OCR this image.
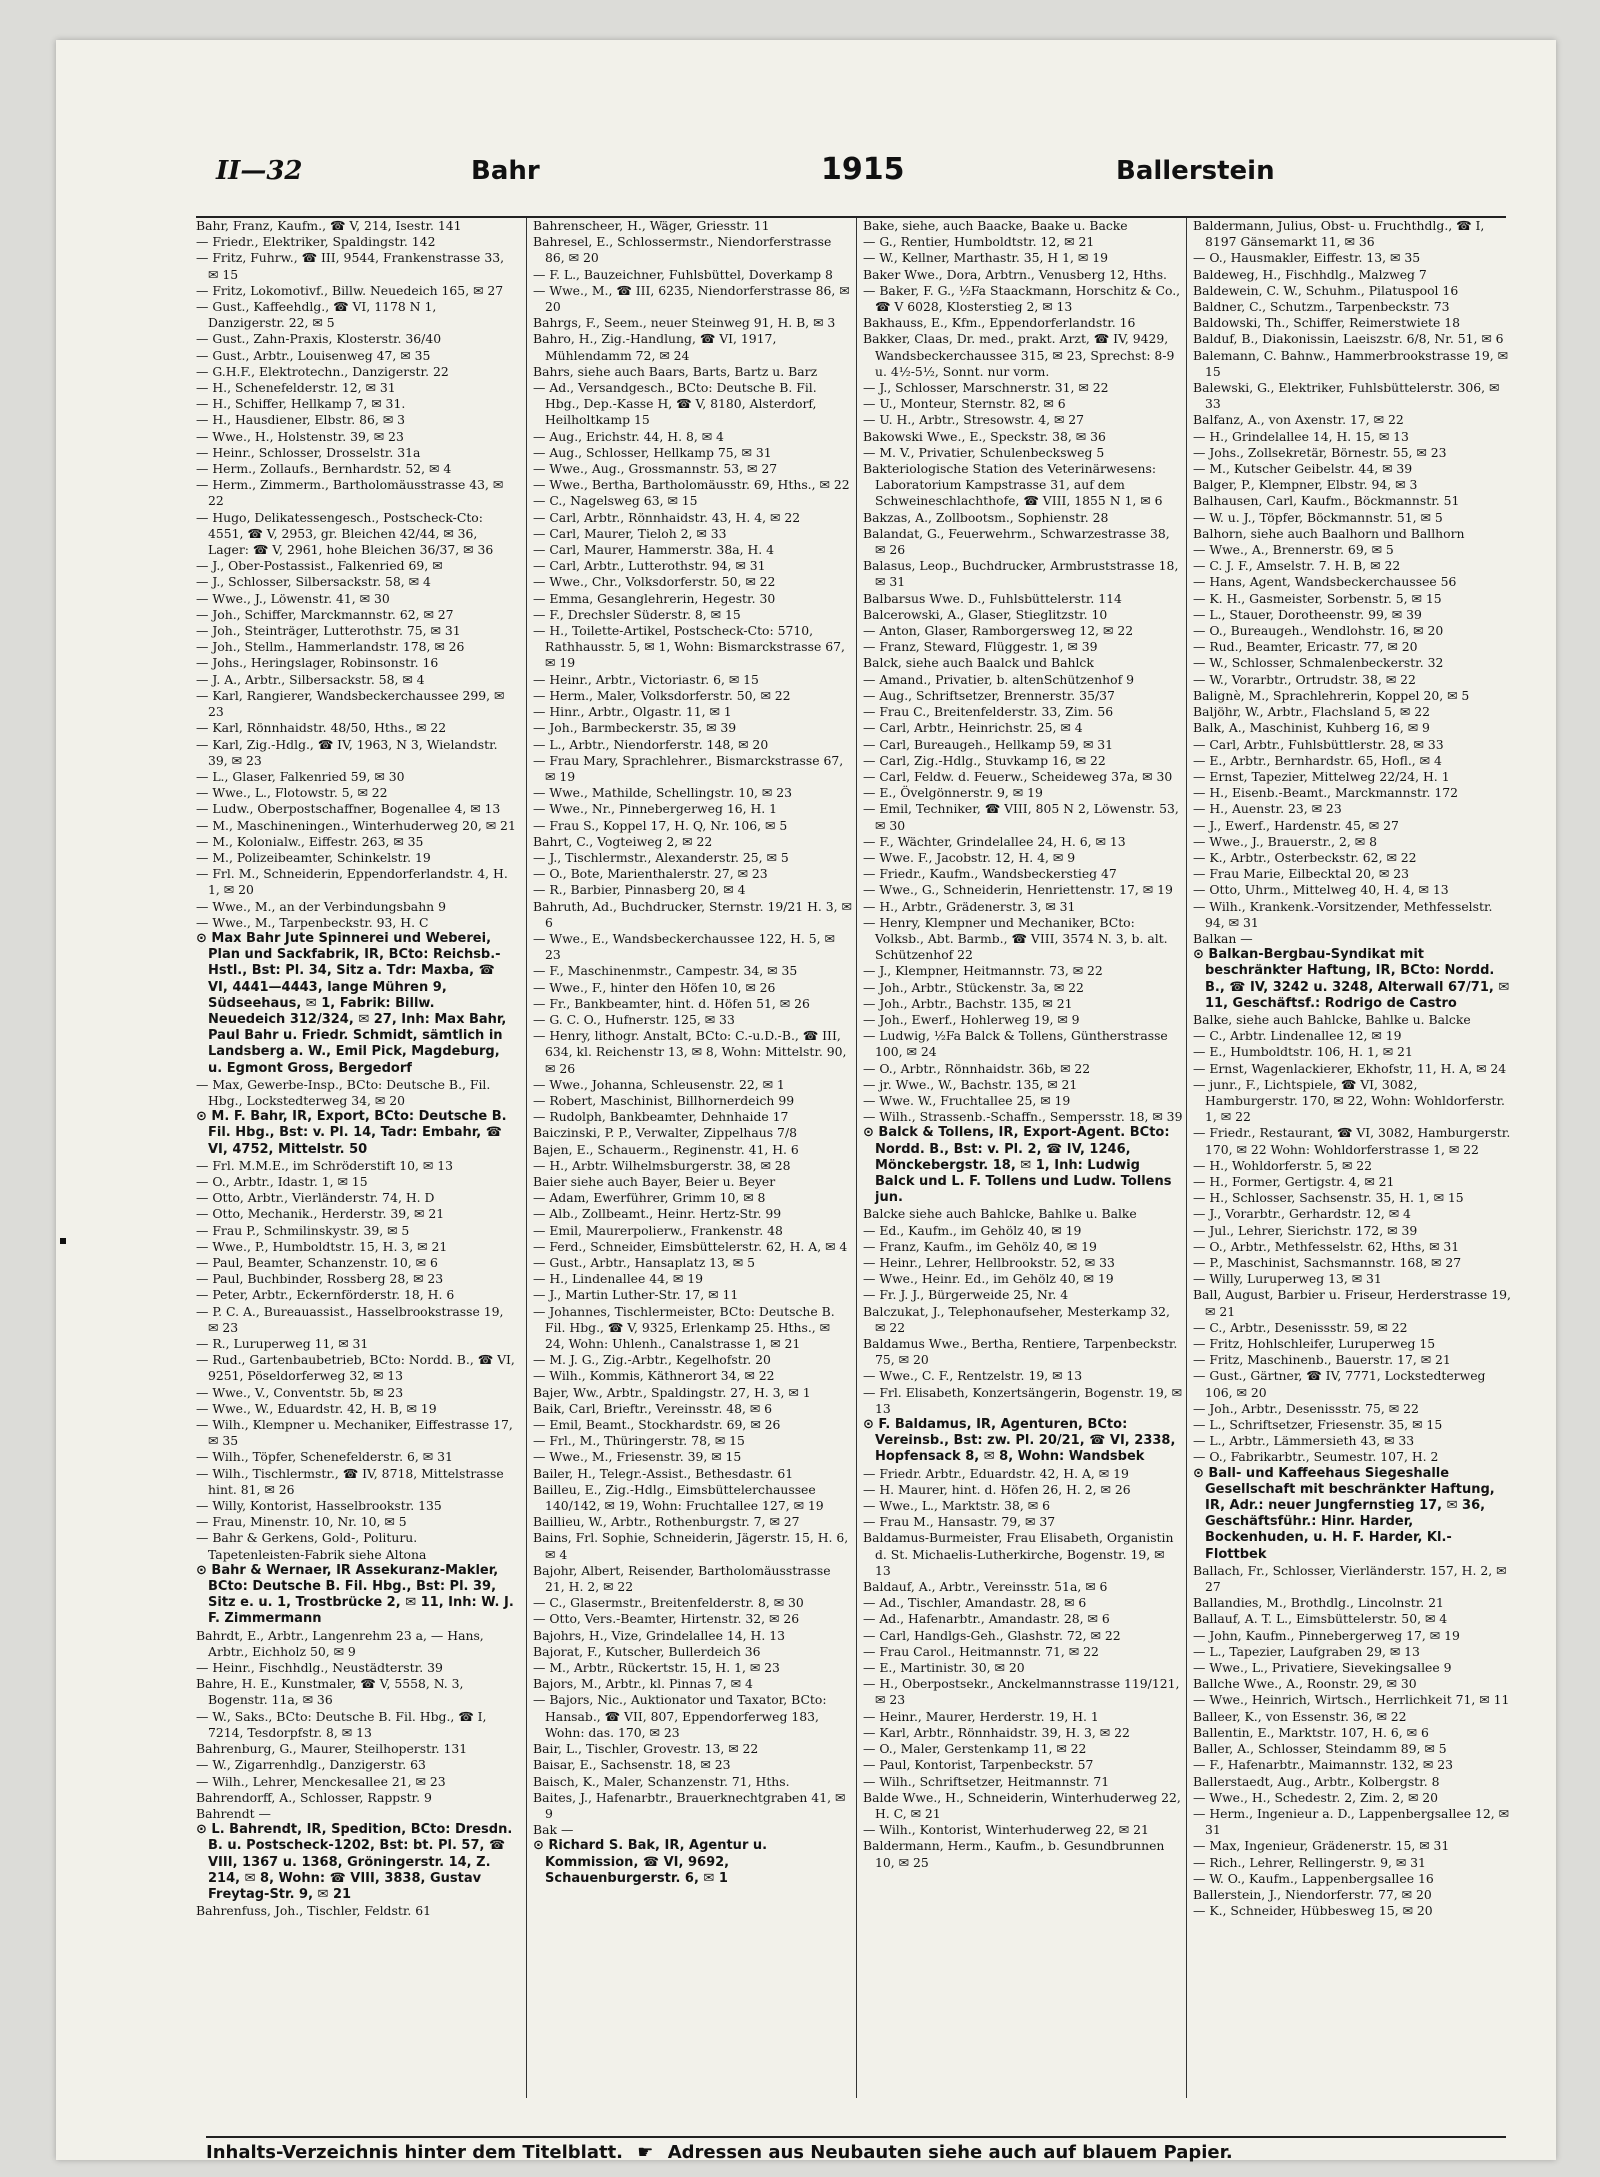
II—32	Bahr	1915	Ballerstein

Bahr, Franz, Kaufm., ☎ V, 214, Isestr. 141

— Friedr., Elektriker, Spaldingstr. 142

— Fritz, Fuhrw., ☎ III, 9544, Frankenstrasse 33, ✉ 15

— Fritz, Lokomotivf., Billw. Neuedeich 165, ✉ 27

— Gust., Kaffeehdlg., ☎ VI, 1178 N 1, Danzigerstr. 22, ✉ 5

— Gust., Zahn-Praxis, Klosterstr. 36/40

— Gust., Arbtr., Louisenweg 47, ✉ 35

— G.H.F., Elektrotechn., Danzigerstr. 22

— H., Schenefelderstr. 12, ✉ 31

— H., Schiffer, Hellkamp 7, ✉ 31.

— H., Hausdiener, Elbstr. 86, ✉ 3

— Wwe., H., Holstenstr. 39, ✉ 23

— Heinr., Schlosser, Drosselstr. 31a

— Herm., Zollaufs., Bernhardstr. 52, ✉ 4

— Herm., Zimmerm., Bartholomäusstrasse 43, ✉ 22

— Hugo, Delikatessengesch., Postscheck-Cto: 4551, ☎ V, 2953, gr. Bleichen 42/44, ✉ 36, Lager: ☎ V, 2961, hohe Bleichen 36/37, ✉ 36

— J., Ober-Postassist., Falkenried 69, ✉

— J., Schlosser, Silbersackstr. 58, ✉ 4

— Wwe., J., Löwenstr. 41, ✉ 30

— Joh., Schiffer, Marckmannstr. 62, ✉ 27

— Joh., Steinträger, Lutterothstr. 75, ✉ 31

— Joh., Stellm., Hammerlandstr. 178, ✉ 26

— Johs., Heringslager, Robinsonstr. 16

— J. A., Arbtr., Silbersackstr. 58, ✉ 4

— Karl, Rangierer, Wandsbeckerchaussee 299, ✉ 23

— Karl, Rönnhaidstr. 48/50, Hths., ✉ 22

— Karl, Zig.-Hdlg., ☎ IV, 1963, N 3, Wielandstr. 39, ✉ 23

— L., Glaser, Falkenried 59, ✉ 30

— Wwe., L., Flotowstr. 5, ✉ 22

— Ludw., Oberpostschaffner, Bogenallee 4, ✉ 13

— M., Maschineningen., Winterhuderweg 20, ✉ 21

— M., Kolonialw., Eiffestr. 263, ✉ 35

— M., Polizeibeamter, Schinkelstr. 19

— Frl. M., Schneiderin, Eppendorferlandstr. 4, H. 1, ✉ 20

— Wwe., M., an der Verbindungsbahn 9

— Wwe., M., Tarpenbeckstr. 93, H. C

⊙ Max Bahr Jute Spinnerei und Weberei, Plan und Sackfabrik, IR, BCto: Reichsb.-Hstl., Bst: Pl. 34, Sitz a. Tdr: Maxba, ☎ VI, 4441—4443, lange Mühren 9, Südseehaus, ✉ 1, Fabrik: Billw. Neuedeich 312/324, ✉ 27, Inh: Max Bahr, Paul Bahr u. Friedr. Schmidt, sämtlich in Landsberg a. W., Emil Pick, Magdeburg, u. Egmont Gross, Bergedorf

— Max, Gewerbe-Insp., BCto: Deutsche B., Fil. Hbg., Lockstedterweg 34, ✉ 20

⊙ M. F. Bahr, IR, Export, BCto: Deutsche B. Fil. Hbg., Bst: v. Pl. 14, Tadr: Embahr, ☎ VI, 4752, Mittelstr. 50

— Frl. M.M.E., im Schröderstift 10, ✉ 13

— O., Arbtr., Idastr. 1, ✉ 15

— Otto, Arbtr., Vierländerstr. 74, H. D

— Otto, Mechanik., Herderstr. 39, ✉ 21

— Frau P., Schmilinskystr. 39, ✉ 5

— Wwe., P., Humboldtstr. 15, H. 3, ✉ 21

— Paul, Beamter, Schanzenstr. 10, ✉ 6

— Paul, Buchbinder, Rossberg 28, ✉ 23

— Peter, Arbtr., Eckernförderstr. 18, H. 6

— P. C. A., Bureauassist., Hasselbrookstrasse 19, ✉ 23

— R., Luruperweg 11, ✉ 31

— Rud., Gartenbaubetrieb, BCto: Nordd. B., ☎ VI, 9251, Pöseldorferweg 32, ✉ 13

— Wwe., V., Conventstr. 5b, ✉ 23

— Wwe., W., Eduardstr. 42, H. B, ✉ 19

— Wilh., Klempner u. Mechaniker, Eiffestrasse 17, ✉ 35

— Wilh., Töpfer, Schenefelderstr. 6, ✉ 31

— Wilh., Tischlermstr., ☎ IV, 8718, Mittelstrasse hint. 81, ✉ 26

— Willy, Kontorist, Hasselbrookstr. 135

— Frau, Minenstr. 10, Nr. 10, ✉ 5

— Bahr & Gerkens, Gold-, Polituru. Tapetenleisten-Fabrik siehe Altona

⊙ Bahr & Wernaer, IR Assekuranz-Makler, BCto: Deutsche B. Fil. Hbg., Bst: Pl. 39, Sitz e. u. 1, Trostbrücke 2, ✉ 11, Inh: W. J. F. Zimmermann

Bahrdt, E., Arbtr., Langenrehm 23 a, — Hans, Arbtr., Eichholz 50, ✉ 9

— Heinr., Fischhdlg., Neustädterstr. 39

Bahre, H. E., Kunstmaler, ☎ V, 5558, N. 3, Bogenstr. 11a, ✉ 36

— W., Saks., BCto: Deutsche B. Fil. Hbg., ☎ I, 7214, Tesdorpfstr. 8, ✉ 13

Bahrenburg, G., Maurer, Steilhoperstr. 131

— W., Zigarrenhdlg., Danzigerstr. 63

— Wilh., Lehrer, Menckesallee 21, ✉ 23

Bahrendorff, A., Schlosser, Rappstr. 9

Bahrendt —

⊙ L. Bahrendt, IR, Spedition, BCto: Dresdn. B. u. Postscheck-1202, Bst: bt. Pl. 57, ☎ VIII, 1367 u. 1368, Gröningerstr. 14, Z. 214, ✉ 8, Wohn: ☎ VIII, 3838, Gustav Freytag-Str. 9, ✉ 21

Bahrenfuss, Joh., Tischler, Feldstr. 61

Bahrenscheer, H., Wäger, Griesstr. 11

Bahresel, E., Schlossermstr., Niendorferstrasse 86, ✉ 20

— F. L., Bauzeichner, Fuhlsbüttel, Doverkamp 8

— Wwe., M., ☎ III, 6235, Niendorferstrasse 86, ✉ 20

Bahrgs, F., Seem., neuer Steinweg 91, H. B, ✉ 3

Bahro, H., Zig.-Handlung, ☎ VI, 1917, Mühlendamm 72, ✉ 24

Bahrs, siehe auch Baars, Barts, Bartz u. Barz

— Ad., Versandgesch., BCto: Deutsche B. Fil. Hbg., Dep.-Kasse H, ☎ V, 8180, Alsterdorf, Heilholtkamp 15

— Aug., Erichstr. 44, H. 8, ✉ 4

— Aug., Schlosser, Hellkamp 75, ✉ 31

— Wwe., Aug., Grossmannstr. 53, ✉ 27

— Wwe., Bertha, Bartholomäusstr. 69, Hths., ✉ 22

— C., Nagelsweg 63, ✉ 15

— Carl, Arbtr., Rönnhaidstr. 43, H. 4, ✉ 22

— Carl, Maurer, Tieloh 2, ✉ 33

— Carl, Maurer, Hammerstr. 38a, H. 4

— Carl, Arbtr., Lutterothstr. 94, ✉ 31

— Wwe., Chr., Volksdorferstr. 50, ✉ 22

— Emma, Gesanglehrerin, Hegestr. 30

— F., Drechsler Süderstr. 8, ✉ 15

— H., Toilette-Artikel, Postscheck-Cto: 5710, Rathhausstr. 5, ✉ 1, Wohn: Bismarckstrasse 67, ✉ 19

— Heinr., Arbtr., Victoriastr. 6, ✉ 15

— Herm., Maler, Volksdorferstr. 50, ✉ 22

— Hinr., Arbtr., Olgastr. 11, ✉ 1

— Joh., Barmbeckerstr. 35, ✉ 39

— L., Arbtr., Niendorferstr. 148, ✉ 20

— Frau Mary, Sprachlehrer., Bismarckstrasse 67, ✉ 19

— Wwe., Mathilde, Schellingstr. 10, ✉ 23

— Wwe., Nr., Pinnebergerweg 16, H. 1

— Frau S., Koppel 17, H. Q, Nr. 106, ✉ 5

Bahrt, C., Vogteiweg 2, ✉ 22

— J., Tischlermstr., Alexanderstr. 25, ✉ 5

— O., Bote, Marienthalerstr. 27, ✉ 23

— R., Barbier, Pinnasberg 20, ✉ 4

Bahruth, Ad., Buchdrucker, Sternstr. 19/21 H. 3, ✉ 6

— Wwe., E., Wandsbeckerchaussee 122, H. 5, ✉ 23

— F., Maschinenmstr., Campestr. 34, ✉ 35

— Wwe., F., hinter den Höfen 10, ✉ 26

— Fr., Bankbeamter, hint. d. Höfen 51, ✉ 26

— G. C. O., Hufnerstr. 125, ✉ 33

— Henry, lithogr. Anstalt, BCto: C.-u.D.-B., ☎ III, 634, kl. Reichenstr 13, ✉ 8, Wohn: Mittelstr. 90, ✉ 26

— Wwe., Johanna, Schleusenstr. 22, ✉ 1

— Robert, Maschinist, Billhornerdeich 99

— Rudolph, Bankbeamter, Dehnhaide 17

Baiczinski, P. P., Verwalter, Zippelhaus 7/8

Bajen, E., Schauerm., Reginenstr. 41, H. 6

— H., Arbtr. Wilhelmsburgerstr. 38, ✉ 28

Baier siehe auch Bayer, Beier u. Beyer

— Adam, Ewerführer, Grimm 10, ✉ 8

— Alb., Zollbeamt., Heinr. Hertz-Str. 99

— Emil, Maurerpolierw., Frankenstr. 48

— Ferd., Schneider, Eimsbüttelerstr. 62, H. A, ✉ 4

— Gust., Arbtr., Hansaplatz 13, ✉ 5

— H., Lindenallee 44, ✉ 19

— J., Martin Luther-Str. 17, ✉ 11

— Johannes, Tischlermeister, BCto: Deutsche B. Fil. Hbg., ☎ V, 9325, Erlenkamp 25. Hths., ✉ 24, Wohn: Uhlenh., Canalstrasse 1, ✉ 21

— M. J. G., Zig.-Arbtr., Kegelhofstr. 20

— Wilh., Kommis, Käthnerort 34, ✉ 22

Bajer, Ww., Arbtr., Spaldingstr. 27, H. 3, ✉ 1

Baik, Carl, Brieftr., Vereinsstr. 48, ✉ 6

— Emil, Beamt., Stockhardstr. 69, ✉ 26

— Frl., M., Thüringerstr. 78, ✉ 15

— Wwe., M., Friesenstr. 39, ✉ 15

Bailer, H., Telegr.-Assist., Bethesdastr. 61

Bailleu, E., Zig.-Hdlg., Eimsbüttelerchaussee 140/142, ✉ 19, Wohn: Fruchtallee 127, ✉ 19

Baillieu, W., Arbtr., Rothenburgstr. 7, ✉ 27

Bains, Frl. Sophie, Schneiderin, Jägerstr. 15, H. 6, ✉ 4

Bajohr, Albert, Reisender, Bartholomäusstrasse 21, H. 2, ✉ 22

— C., Glasermstr., Breitenfelderstr. 8, ✉ 30

— Otto, Vers.-Beamter, Hirtenstr. 32, ✉ 26

Bajohrs, H., Vize, Grindelallee 14, H. 13

Bajorat, F., Kutscher, Bullerdeich 36

— M., Arbtr., Rückertstr. 15, H. 1, ✉ 23

Bajors, M., Arbtr., kl. Pinnas 7, ✉ 4

— Bajors, Nic., Auktionator und Taxator, BCto: Hansab., ☎ VII, 807, Eppendorferweg 183, Wohn: das. 170, ✉ 23

Bair, L., Tischler, Grovestr. 13, ✉ 22

Baisar, E., Sachsenstr. 18, ✉ 23

Baisch, K., Maler, Schanzenstr. 71, Hths.

Baites, J., Hafenarbtr., Brauerknechtgraben 41, ✉ 9

Bak —

⊙ Richard S. Bak, IR, Agentur u. Kommission, ☎ VI, 9692, Schauenburgerstr. 6, ✉ 1

Bake, siehe, auch Baacke, Baake u. Backe

— G., Rentier, Humboldtstr. 12, ✉ 21

— W., Kellner, Marthastr. 35, H 1, ✉ 19

Baker Wwe., Dora, Arbtrn., Venusberg 12, Hths.

— Baker, F. G., ½Fa Staackmann, Horschitz & Co., ☎ V 6028, Klosterstieg 2, ✉ 13

Bakhauss, E., Kfm., Eppendorferlandstr. 16

Bakker, Claas, Dr. med., prakt. Arzt, ☎ IV, 9429, Wandsbeckerchaussee 315, ✉ 23, Sprechst: 8-9 u. 4½-5½, Sonnt. nur vorm.

— J., Schlosser, Marschnerstr. 31, ✉ 22

— U., Monteur, Sternstr. 82, ✉ 6

— U. H., Arbtr., Stresowstr. 4, ✉ 27

Bakowski Wwe., E., Speckstr. 38, ✉ 36

— M. V., Privatier, Schulenbecksweg 5

Bakteriologische Station des Veterinärwesens: Laboratorium Kampstrasse 31, auf dem Schweineschlachthofe, ☎ VIII, 1855 N 1, ✉ 6

Bakzas, A., Zollbootsm., Sophienstr. 28

Balandat, G., Feuerwehrm., Schwarzestrasse 38, ✉ 26

Balasus, Leop., Buchdrucker, Armbruststrasse 18, ✉ 31

Balbarsus Wwe. D., Fuhlsbüttelerstr. 114

Balcerowski, A., Glaser, Stieglitzstr. 10

— Anton, Glaser, Ramborgersweg 12, ✉ 22

— Franz, Steward, Flüggestr. 1, ✉ 39

Balck, siehe auch Baalck und Bahlck

— Amand., Privatier, b. altenSchützenhof 9

— Aug., Schriftsetzer, Brennerstr. 35/37

— Frau C., Breitenfelderstr. 33, Zim. 56

— Carl, Arbtr., Heinrichstr. 25, ✉ 4

— Carl, Bureaugeh., Hellkamp 59, ✉ 31

— Carl, Zig.-Hdlg., Stuvkamp 16, ✉ 22

— Carl, Feldw. d. Feuerw., Scheideweg 37a, ✉ 30

— E., Övelgönnerstr. 9, ✉ 19

— Emil, Techniker, ☎ VIII, 805 N 2, Löwenstr. 53, ✉ 30

— F., Wächter, Grindelallee 24, H. 6, ✉ 13

— Wwe. F., Jacobstr. 12, H. 4, ✉ 9

— Friedr., Kaufm., Wandsbeckerstieg 47

— Wwe., G., Schneiderin, Henriettenstr. 17, ✉ 19

— H., Arbtr., Grädenerstr. 3, ✉ 31

— Henry, Klempner und Mechaniker, BCto: Volksb., Abt. Barmb., ☎ VIII, 3574 N. 3, b. alt. Schützenhof 22

— J., Klempner, Heitmannstr. 73, ✉ 22

— Joh., Arbtr., Stückenstr. 3a, ✉ 22

— Joh., Arbtr., Bachstr. 135, ✉ 21

— Joh., Ewerf., Hohlerweg 19, ✉ 9

— Ludwig, ½Fa Balck & Tollens, Güntherstrasse 100, ✉ 24

— O., Arbtr., Rönnhaidstr. 36b, ✉ 22

— jr. Wwe., W., Bachstr. 135, ✉ 21

— Wwe. W., Fruchtallee 25, ✉ 19

— Wilh., Strassenb.-Schaffn., Sempersstr. 18, ✉ 39

⊙ Balck & Tollens, IR, Export-Agent. BCto: Nordd. B., Bst: v. Pl. 2, ☎ IV, 1246, Mönckebergstr. 18, ✉ 1, Inh: Ludwig Balck und L. F. Tollens und Ludw. Tollens jun.

Balcke siehe auch Bahlcke, Bahlke u. Balke

— Ed., Kaufm., im Gehölz 40, ✉ 19

— Franz, Kaufm., im Gehölz 40, ✉ 19

— Heinr., Lehrer, Hellbrookstr. 52, ✉ 33

— Wwe., Heinr. Ed., im Gehölz 40, ✉ 19

— Fr. J. J., Bürgerweide 25, Nr. 4

Balczukat, J., Telephonaufseher, Mesterkamp 32, ✉ 22

Baldamus Wwe., Bertha, Rentiere, Tarpenbeckstr. 75, ✉ 20

— Wwe., C. F., Rentzelstr. 19, ✉ 13

— Frl. Elisabeth, Konzertsängerin, Bogenstr. 19, ✉ 13

⊙ F. Baldamus, IR, Agenturen, BCto: Vereinsb., Bst: zw. Pl. 20/21, ☎ VI, 2338, Hopfensack 8, ✉ 8, Wohn: Wandsbek

— Friedr. Arbtr., Eduardstr. 42, H. A, ✉ 19

— H. Maurer, hint. d. Höfen 26, H. 2, ✉ 26

— Wwe., L., Marktstr. 38, ✉ 6

— Frau M., Hansastr. 79, ✉ 37

Baldamus-Burmeister, Frau Elisabeth, Organistin d. St. Michaelis-Lutherkirche, Bogenstr. 19, ✉ 13

Baldauf, A., Arbtr., Vereinsstr. 51a, ✉ 6

— Ad., Tischler, Amandastr. 28, ✉ 6

— Ad., Hafenarbtr., Amandastr. 28, ✉ 6

— Carl, Handlgs-Geh., Glashstr. 72, ✉ 22

— Frau Carol., Heitmannstr. 71, ✉ 22

— E., Martinistr. 30, ✉ 20

— H., Oberpostsekr., Anckelmannstrasse 119/121, ✉ 23

— Heinr., Maurer, Herderstr. 19, H. 1

— Karl, Arbtr., Rönnhaidstr. 39, H. 3, ✉ 22

— O., Maler, Gerstenkamp 11, ✉ 22

— Paul, Kontorist, Tarpenbeckstr. 57

— Wilh., Schriftsetzer, Heitmannstr. 71

Balde Wwe., H., Schneiderin, Winterhuderweg 22, H. C, ✉ 21

— Wilh., Kontorist, Winterhuderweg 22, ✉ 21

Baldermann, Herm., Kaufm., b. Gesundbrunnen 10, ✉ 25

Baldermann, Julius, Obst- u. Fruchthdlg., ☎ I, 8197 Gänsemarkt 11, ✉ 36

— O., Hausmakler, Eiffestr. 13, ✉ 35

Baldeweg, H., Fischhdlg., Malzweg 7

Baldewein, C. W., Schuhm., Pilatuspool 16

Baldner, C., Schutzm., Tarpenbeckstr. 73

Baldowski, Th., Schiffer, Reimerstwiete 18

Balduf, B., Diakonissin, Laeiszstr. 6/8, Nr. 51, ✉ 6

Balemann, C. Bahnw., Hammerbrookstrasse 19, ✉ 15

Balewski, G., Elektriker, Fuhlsbüttelerstr. 306, ✉ 33

Balfanz, A., von Axenstr. 17, ✉ 22

— H., Grindelallee 14, H. 15, ✉ 13

— Johs., Zollsekretär, Börnestr. 55, ✉ 23

— M., Kutscher Geibelstr. 44, ✉ 39

Balger, P., Klempner, Elbstr. 94, ✉ 3

Balhausen, Carl, Kaufm., Böckmannstr. 51

— W. u. J., Töpfer, Böckmannstr. 51, ✉ 5

Balhorn, siehe auch Baalhorn und Ballhorn

— Wwe., A., Brennerstr. 69, ✉ 5

— C. J. F., Amselstr. 7. H. B, ✉ 22

— Hans, Agent, Wandsbeckerchaussee 56

— K. H., Gasmeister, Sorbenstr. 5, ✉ 15

— L., Stauer, Dorotheenstr. 99, ✉ 39

— O., Bureaugeh., Wendlohstr. 16, ✉ 20

— Rud., Beamter, Ericastr. 77, ✉ 20

— W., Schlosser, Schmalenbeckerstr. 32

— W., Vorarbtr., Ortrudstr. 38, ✉ 22

Balignè, M., Sprachlehrerin, Koppel 20, ✉ 5

Baljöhr, W., Arbtr., Flachsland 5, ✉ 22

Balk, A., Maschinist, Kuhberg 16, ✉ 9

— Carl, Arbtr., Fuhlsbüttlerstr. 28, ✉ 33

— E., Arbtr., Bernhardstr. 65, Hofl., ✉ 4

— Ernst, Tapezier, Mittelweg 22/24, H. 1

— H., Eisenb.-Beamt., Marckmannstr. 172

— H., Auenstr. 23, ✉ 23

— J., Ewerf., Hardenstr. 45, ✉ 27

— Wwe., J., Brauerstr., 2, ✉ 8

— K., Arbtr., Osterbeckstr. 62, ✉ 22

— Frau Marie, Eilbecktal 20, ✉ 23

— Otto, Uhrm., Mittelweg 40, H. 4, ✉ 13

— Wilh., Krankenk.-Vorsitzender, Methfesselstr. 94, ✉ 31

Balkan —

⊙ Balkan-Bergbau-Syndikat mit beschränkter Haftung, IR, BCto: Nordd. B., ☎ IV, 3242 u. 3248, Alterwall 67/71, ✉ 11, Geschäftsf.: Rodrigo de Castro

Balke, siehe auch Bahlcke, Bahlke u. Balcke

— C., Arbtr. Lindenallee 12, ✉ 19

— E., Humboldtstr. 106, H. 1, ✉ 21

— Ernst, Wagenlackierer, Ekhofstr, 11, H. A, ✉ 24

— junr., F., Lichtspiele, ☎ VI, 3082, Hamburgerstr. 170, ✉ 22, Wohn: Wohldorferstr. 1, ✉ 22

— Friedr., Restaurant, ☎ VI, 3082, Hamburgerstr. 170, ✉ 22 Wohn: Wohldorferstrasse 1, ✉ 22

— H., Wohldorferstr. 5, ✉ 22

— H., Former, Gertigstr. 4, ✉ 21

— H., Schlosser, Sachsenstr. 35, H. 1, ✉ 15

— J., Vorarbtr., Gerhardstr. 12, ✉ 4

— Jul., Lehrer, Sierichstr. 172, ✉ 39

— O., Arbtr., Methfesselstr. 62, Hths, ✉ 31

— P., Maschinist, Sachsmannstr. 168, ✉ 27

— Willy, Luruperweg 13, ✉ 31

Ball, August, Barbier u. Friseur, Herderstrasse 19, ✉ 21

— C., Arbtr., Desenissstr. 59, ✉ 22

— Fritz, Hohlschleifer, Luruperweg 15

— Fritz, Maschinenb., Bauerstr. 17, ✉ 21

— Gust., Gärtner, ☎ IV, 7771, Lockstedterweg 106, ✉ 20

— Joh., Arbtr., Desenissstr. 75, ✉ 22

— L., Schriftsetzer, Friesenstr. 35, ✉ 15

— L., Arbtr., Lämmersieth 43, ✉ 33

— O., Fabrikarbtr., Seumestr. 107, H. 2

⊙ Ball- und Kaffeehaus Siegeshalle Gesellschaft mit beschränkter Haftung, IR, Adr.: neuer Jungfernstieg 17, ✉ 36, Geschäftsführ.: Hinr. Harder, Bockenhuden, u. H. F. Harder, Kl.-Flottbek

Ballach, Fr., Schlosser, Vierländerstr. 157, H. 2, ✉ 27

Ballandies, M., Brothdlg., Lincolnstr. 21

Ballauf, A. T. L., Eimsbüttelerstr. 50, ✉ 4

— John, Kaufm., Pinnebergerweg 17, ✉ 19

— L., Tapezier, Laufgraben 29, ✉ 13

— Wwe., L., Privatiere, Sievekingsallee 9

Ballche Wwe., A., Roonstr. 29, ✉ 30

— Wwe., Heinrich, Wirtsch., Herrlichkeit 71, ✉ 11

Balleer, K., von Essenstr. 36, ✉ 22

Ballentin, E., Marktstr. 107, H. 6, ✉ 6

Baller, A., Schlosser, Steindamm 89, ✉ 5

— F., Hafenarbtr., Maimannstr. 132, ✉ 23

Ballerstaedt, Aug., Arbtr., Kolbergstr. 8

— Wwe., H., Schedestr. 2, Zim. 2, ✉ 20

— Herm., Ingenieur a. D., Lappenbergsallee 12, ✉ 31

— Max, Ingenieur, Grädenerstr. 15, ✉ 31

— Rich., Lehrer, Rellingerstr. 9, ✉ 31

— W. O., Kaufm., Lappenbergsallee 16

Ballerstein, J., Niendorferstr. 77, ✉ 20

— K., Schneider, Hübbesweg 15, ✉ 20

Inhalts-Verzeichnis hinter dem Titelblatt. ☛ Adressen aus Neubauten siehe auch auf blauem Papier.
